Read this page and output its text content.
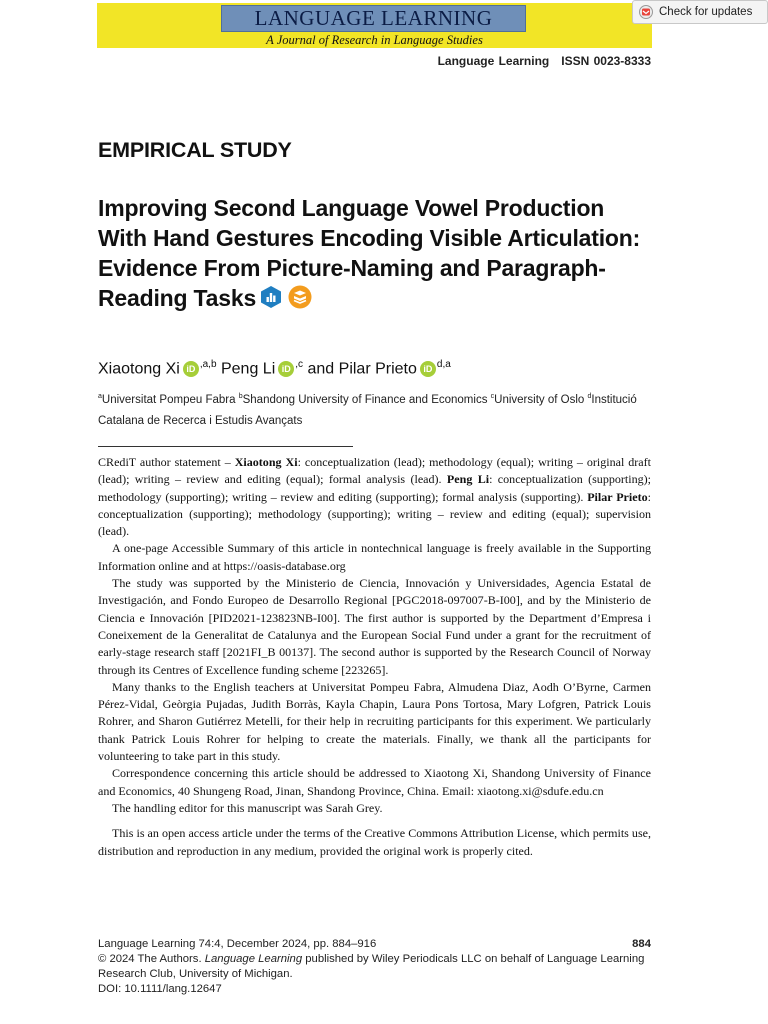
LANGUAGE LEARNING
A Journal of Research in Language Studies
Check for updates
Language Learning ISSN 0023-8333
EMPIRICAL STUDY
Improving Second Language Vowel Production With Hand Gestures Encoding Visible Articulation: Evidence From Picture-Naming and Paragraph-Reading Tasks
Xiaotong Xi iD $^{,a,b}$ Peng Li iD $^{,c}$ and Pilar Prieto iD $^{d,a}$
$^a$Universitat Pompeu Fabra $^b$Shandong University of Finance and Economics $^c$University of Oslo $^d$Institució Catalana de Recerca i Estudis Avançats

CRediT author statement – Xiaotong Xi: conceptualization (lead); methodology (equal); writing – original draft (lead); writing – review and editing (equal); formal analysis (lead). Peng Li: conceptualization (supporting); methodology (supporting); writing – review and editing (supporting); formal analysis (supporting). Pilar Prieto: conceptualization (supporting); methodology (supporting); writing – review and editing (equal); supervision (lead).

A one-page Accessible Summary of this article in nontechnical language is freely available in the Supporting Information online and at https://oasis-database.org

The study was supported by the Ministerio de Ciencia, Innovación y Universidades, Agencia Estatal de Investigación, and Fondo Europeo de Desarrollo Regional [PGC2018-097007-B-I00], and by the Ministerio de Ciencia e Innovación [PID2021-123823NB-I00]. The first author is supported by the Department d’Empresa i Coneixement de la Generalitat de Catalunya and the European Social Fund under a grant for the recruitment of early-stage research staff [2021FI_B 00137]. The second author is supported by the Research Council of Norway through its Centres of Excellence funding scheme [223265].

Many thanks to the English teachers at Universitat Pompeu Fabra, Almudena Diaz, Aodh O’Byrne, Carmen Pérez-Vidal, Geòrgia Pujadas, Judith Borràs, Kayla Chapin, Laura Pons Tortosa, Mary Lofgren, Patrick Louis Rohrer, and Sharon Gutiérrez Metelli, for their help in recruiting participants for this experiment. We particularly thank Patrick Louis Rohrer for helping to create the materials. Finally, we thank all the participants for volunteering to take part in this study.

Correspondence concerning this article should be addressed to Xiaotong Xi, Shandong University of Finance and Economics, 40 Shungeng Road, Jinan, Shandong Province, China. Email: xiaotong.xi@sdufe.edu.cn

The handling editor for this manuscript was Sarah Grey.

This is an open access article under the terms of the Creative Commons Attribution License, which permits use, distribution and reproduction in any medium, provided the original work is properly cited.

Language Learning 74:4, December 2024, pp. 884–916	884
© 2024 The Authors. Language Learning published by Wiley Periodicals LLC on behalf of Language Learning Research Club, University of Michigan.
DOI: 10.1111/lang.12647
